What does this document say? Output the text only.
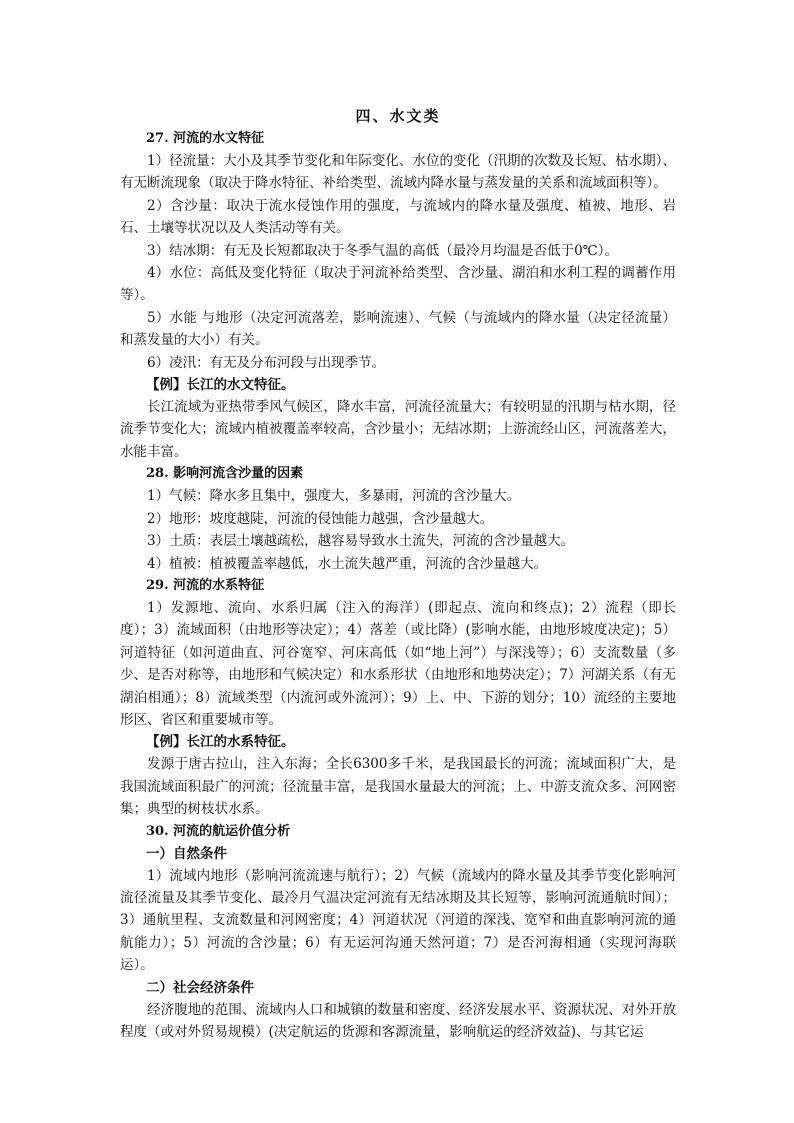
四、水文类
27. 河流的水文特征

1）径流量：大小及其季节变化和年际变化、水位的变化（汛期的次数及长短、枯水期）、有无断流现象（取决于降水特征、补给类型、流域内降水量与蒸发量的关系和流域面积等）。

2）含沙量：取决于流水侵蚀作用的强度，与流域内的降水量及强度、植被、地形、岩石、土壤等状况以及人类活动等有关。

3）结冰期：有无及长短都取决于冬季气温的高低（最冷月均温是否低于0℃）。

4）水位：高低及变化特征（取决于河流补给类型、含沙量、湖泊和水利工程的调蓄作用等）。

5）水能 与地形（决定河流落差，影响流速）、气候（与流域内的降水量（决定径流量）和蒸发量的大小）有关。

6）凌汛：有无及分布河段与出现季节。

【例】长江的水文特征。

长江流域为亚热带季风气候区，降水丰富，河流径流量大；有较明显的汛期与枯水期，径流季节变化大；流域内植被覆盖率较高，含沙量小；无结冰期；上游流经山区，河流落差大，水能丰富。

28. 影响河流含沙量的因素

1）气候：降水多且集中，强度大，多暴雨，河流的含沙量大。

2）地形：坡度越陡，河流的侵蚀能力越强，含沙量越大。

3）土质：表层土壤越疏松，越容易导致水土流失，河流的含沙量越大。

4）植被：植被覆盖率越低，水土流失越严重，河流的含沙量越大。

29. 河流的水系特征

1）发源地、流向、水系归属（注入的海洋）(即起点、流向和终点)；2）流程（即长度）；3）流域面积（由地形等决定）；4）落差（或比降）(影响水能，由地形坡度决定)；5）河道特征（如河道曲直、河谷宽窄、河床高低（如“地上河”）与深浅等）；6）支流数量（多少、是否对称等，由地形和气候决定）和水系形状（由地形和地势决定）；7）河湖关系（有无湖泊相通）；8）流域类型（内流河或外流河）；9）上、中、下游的划分；10）流经的主要地形区、省区和重要城市等。

【例】长江的水系特征。

发源于唐古拉山，注入东海；全长6300多千米，是我国最长的河流；流域面积广大，是我国流域面积最广的河流；径流量丰富，是我国水量最大的河流；上、中游支流众多、河网密集；典型的树枝状水系。

30. 河流的航运价值分析
一）自然条件

1）流域内地形（影响河流流速与航行）；2）气候（流域内的降水量及其季节变化影响河流径流量及其季节变化、最冷月气温决定河流有无结冰期及其长短等，影响河流通航时间）；3）通航里程、支流数量和河网密度；4）河道状况（河道的深浅、宽窄和曲直影响河流的通航能力）；5）河流的含沙量；6）有无运河沟通天然河道；7）是否河海相通（实现河海联运）。

二）社会经济条件

经济腹地的范围、流域内人口和城镇的数量和密度、经济发展水平、资源状况、对外开放程度（或对外贸易规模）(决定航运的货源和客源流量，影响航运的经济效益)、与其它运
